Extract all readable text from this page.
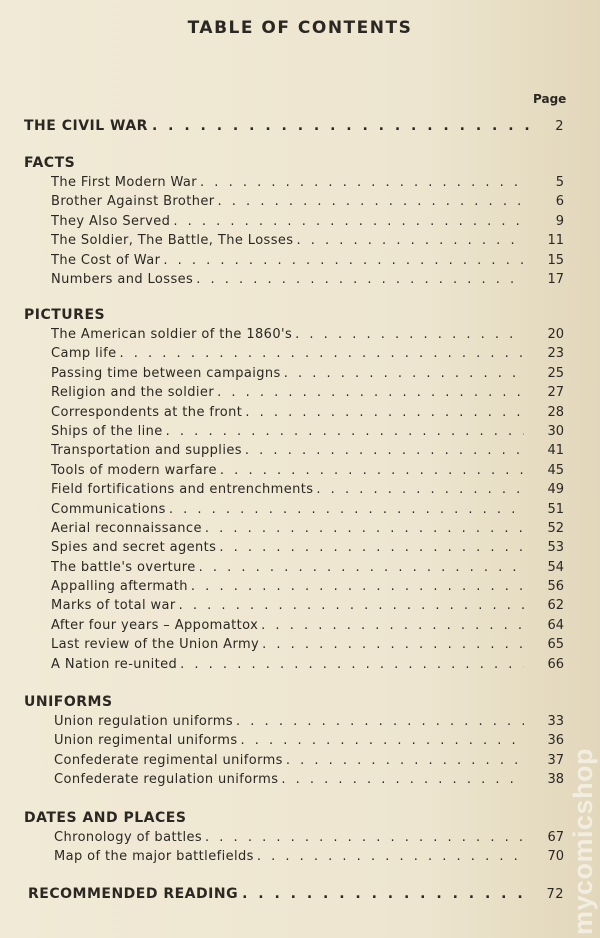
TABLE OF CONTENTS
Page
THE CIVIL WAR . . .	2
FACTS
The First Modern War . . .	5
Brother Against Brother . . .	6
They Also Served . . .	9
The Soldier, The Battle, The Losses . . .	11
The Cost of War . . .	15
Numbers and Losses . . .	17
PICTURES
The American soldier of the 1860's . . .	20
Camp life . . .	23
Passing time between campaigns . . .	25
Religion and the soldier . . .	27
Correspondents at the front . . .	28
Ships of the line . . .	30
Transportation and supplies . . .	41
Tools of modern warfare . . .	45
Field fortifications and entrenchments . . .	49
Communications . . .	51
Aerial reconnaissance . . .	52
Spies and secret agents . . .	53
The battle's overture . . .	54
Appalling aftermath . . .	56
Marks of total war . . .	62
After four years – Appomattox . . .	64
Last review of the Union Army . . .	65
A Nation re-united . . .	66
UNIFORMS
Union regulation uniforms . . .	33
Union regimental uniforms . . .	36
Confederate regimental uniforms . . .	37
Confederate regulation uniforms . . .	38
DATES AND PLACES
Chronology of battles . . .	67
Map of the major battlefields . . .	70
RECOMMENDED READING . . .	72 mycomicshop
